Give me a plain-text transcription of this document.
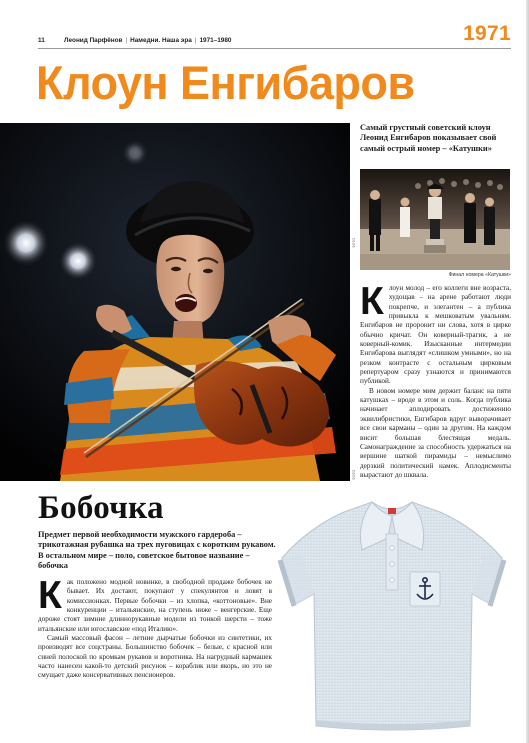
11	Леонид Парфёнов | Намедни. Наша эра | 1971–1980	1971
Клоун Енгибаров
ФОТО
Самый грустный советский клоун Леонид Енгибаров показывает свой самый острый номер – «Катушки»
ФОТО
Финал номера «Катушки»

Клоун молод – его коллеги вне возраста, худощав – на арене работают люди покрепче, и элегантен – а публика привыкла к мешковатым увальням. Енгибаров не проронит ни слова, хотя в цирке обычно кричат. Он коверный-трагик, а не коверный-комик. Изысканные интермедии Енгибарова выглядят «слишком умными», но на резком контрасте с остальным цирковым репертуаром сразу узнаются и принимаются публикой.

В новом номере мим держит баланс на пяти катушках – вроде в этом и соль. Когда публика начинает аплодировать достижению эквилибристики, Енгибаров вдруг выворачивает все свои карманы – один за другим. На каждом висит большая блестящая медаль. Самонаграждение за способность удержаться на вершине шаткой пирамиды – немыслимо дерзкий политический намек. Аплодисменты вырастают до шквала.

Бобочка
Предмет первой необходимости мужского гардероба – трикотажная рубашка на трех пуговицах с коротким рукавом. В остальном мире – поло, советское бытовое название – бобочка

Как положено модной новинке, в свободной продаже бобочек не бывает. Их достают, покупают у спекулянтов и ловят в комиссионках. Первые бобочки – из хлопка, «коттоновые». Вне конкуренции – итальянские, на ступень ниже – венгерские. Еще дороже стоят зимние длиннорукавные модели из тонкой шерсти – тоже итальянские или югославские «под Италию».

Самый массовый фасон – летние дырчатые бобочки из синтетики, их производят все соцстраны. Большинство бобочек – белые, с красной или синей полоской по кромкам рукавов и воротника. На нагрудный кармашек часто нанесен какой-то детский рисунок – кораблик или якорь, но это не смущает даже консервативных пенсионеров.
